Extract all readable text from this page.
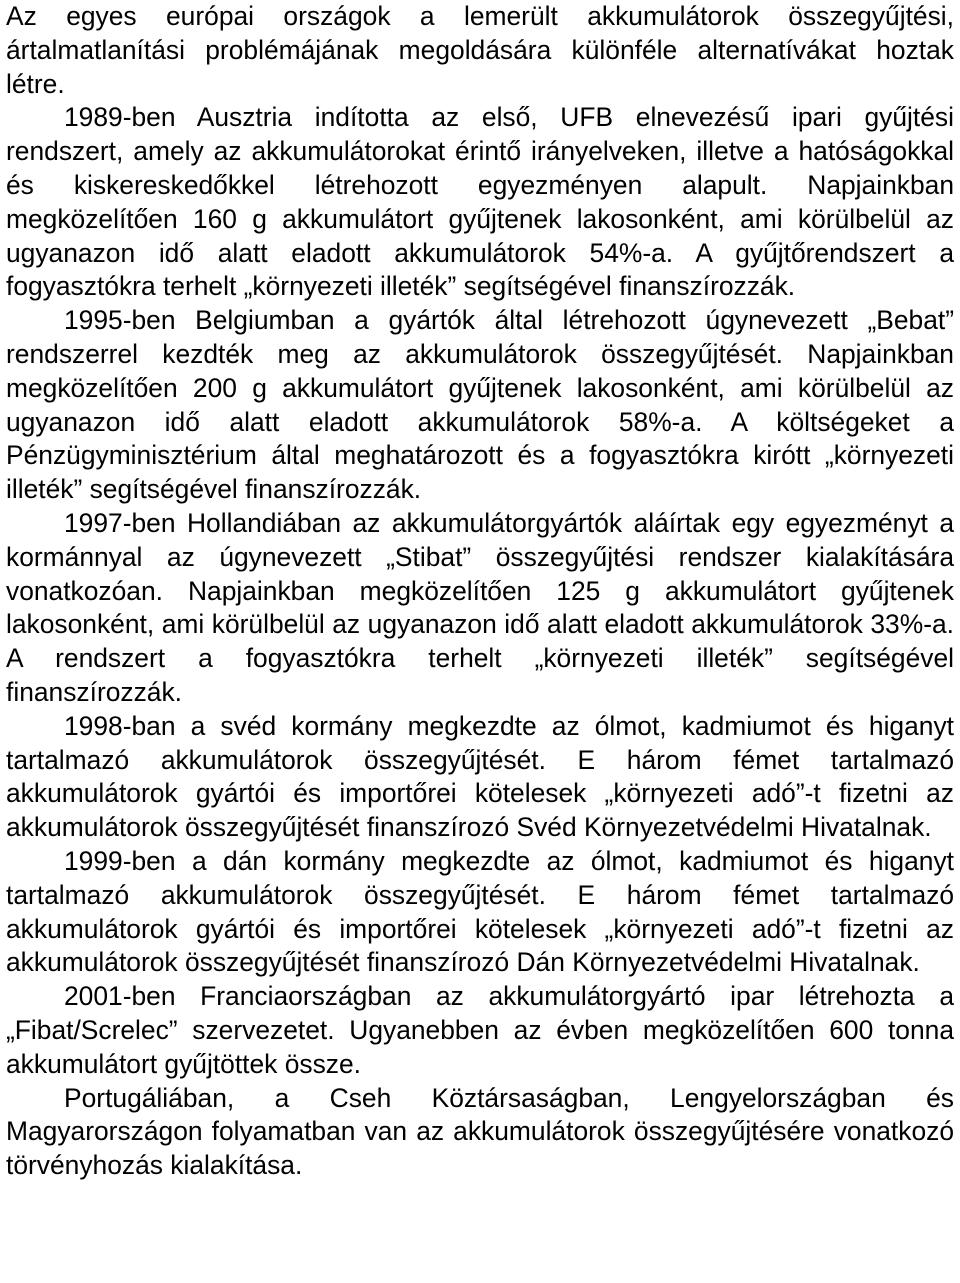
Az egyes európai országok a lemerült akkumulátorok összegyűjtési, ártalmatlanítási problémájának megoldására különféle alternatívákat hoztak létre.

1989-ben Ausztria indította az első, UFB elnevezésű ipari gyűjtési rendszert, amely az akkumulátorokat érintő irányelveken, illetve a hatóságokkal és kiskereskedőkkel létrehozott egyezményen alapult. Napjainkban megközelítően 160 g akkumulátort gyűjtenek lakosonként, ami körülbelül az ugyanazon idő alatt eladott akkumulátorok 54%-a. A gyűjtőrendszert a fogyasztókra terhelt „környezeti illeték” segítségével finanszírozzák.

1995-ben Belgiumban a gyártók által létrehozott úgynevezett „Bebat” rendszerrel kezdték meg az akkumulátorok összegyűjtését. Napjainkban megközelítően 200 g akkumulátort gyűjtenek lakosonként, ami körülbelül az ugyanazon idő alatt eladott akkumulátorok 58%-a. A költségeket a Pénzügyminisztérium által meghatározott és a fogyasztókra kirótt „környezeti illeték” segítségével finanszírozzák.

1997-ben Hollandiában az akkumulátorgyártók aláírtak egy egyezményt a kormánnyal az úgynevezett „Stibat” összegyűjtési rendszer kialakítására vonatkozóan. Napjainkban megközelítően 125 g akkumulátort gyűjtenek lakosonként, ami körülbelül az ugyanazon idő alatt eladott akkumulátorok 33%-a. A rendszert a fogyasztókra terhelt „környezeti illeték” segítségével finanszírozzák.

1998-ban a svéd kormány megkezdte az ólmot, kadmiumot és higanyt tartalmazó akkumulátorok összegyűjtését. E három fémet tartalmazó akkumulátorok gyártói és importőrei kötelesek „környezeti adó”-t fizetni az akkumulátorok összegyűjtését finanszírozó Svéd Környezetvédelmi Hivatalnak.

1999-ben a dán kormány megkezdte az ólmot, kadmiumot és higanyt tartalmazó akkumulátorok összegyűjtését. E három fémet tartalmazó akkumulátorok gyártói és importőrei kötelesek „környezeti adó”-t fizetni az akkumulátorok összegyűjtését finanszírozó Dán Környezetvédelmi Hivatalnak.

2001-ben Franciaországban az akkumulátorgyártó ipar létrehozta a „Fibat/Screlec” szervezetet. Ugyanebben az évben megközelítően 600 tonna akkumulátort gyűjtöttek össze.

Portugáliában, a Cseh Köztársaságban, Lengyelországban és Magyarországon folyamatban van az akkumulátorok összegyűjtésére vonatkozó törvényhozás kialakítása.
